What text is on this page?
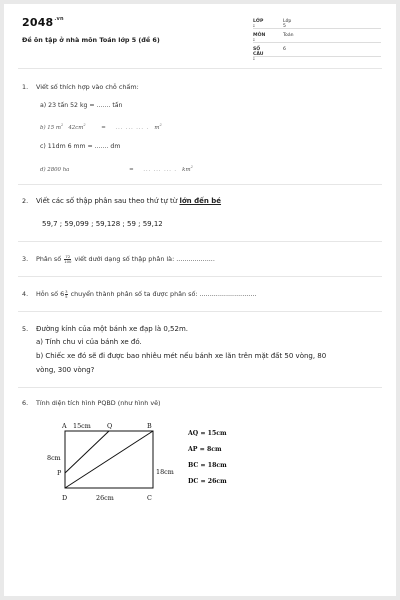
$2048^{.vn}$
Đề ôn tập ở nhà môn Toán lớp 5 (đề 6)
LỚP :
Lớp 5
MÔN :
Toán
SỐ CÂU :
6
1. Viết số thích hợp vào chỗ chấm:
a) 23 tấn 52 kg = ....... tấn
b) 15 $m^2$ $42cm^2$	= ... ... ... . $m^2$
c) 11dm 6 mm = ....... dm
d) 2800 ha	= ... ... ... . $km^2$
2. Viết các số thập phân sau theo thứ tự từ lớn đến bé
59,7 ; 59,099 ; 59,128 ; 59 ; 59,12
3. Phân số $\frac{72}{100}$ viết dưới dạng số thập phân là: ...................
4. Hỗn số $6 \frac{3}{5}$ chuyển thành phân số ta được phân số: ............................
5. Đường kính của một bánh xe đạp là 0,52m.
a) Tính chu vi của bánh xe đó.
b) Chiếc xe đó sẽ đi được bao nhiêu mét nếu bánh xe lăn trên mặt đất 50 vòng, 80
vòng, 300 vòng?
6. Tính diện tích hình PQBD (như hình vẽ)
A 15cm	Q	B
8cm
P	18cm
D	26cm	C
AQ = 15cm
AP = 8cm
BC = 18cm
DC = 26cm
